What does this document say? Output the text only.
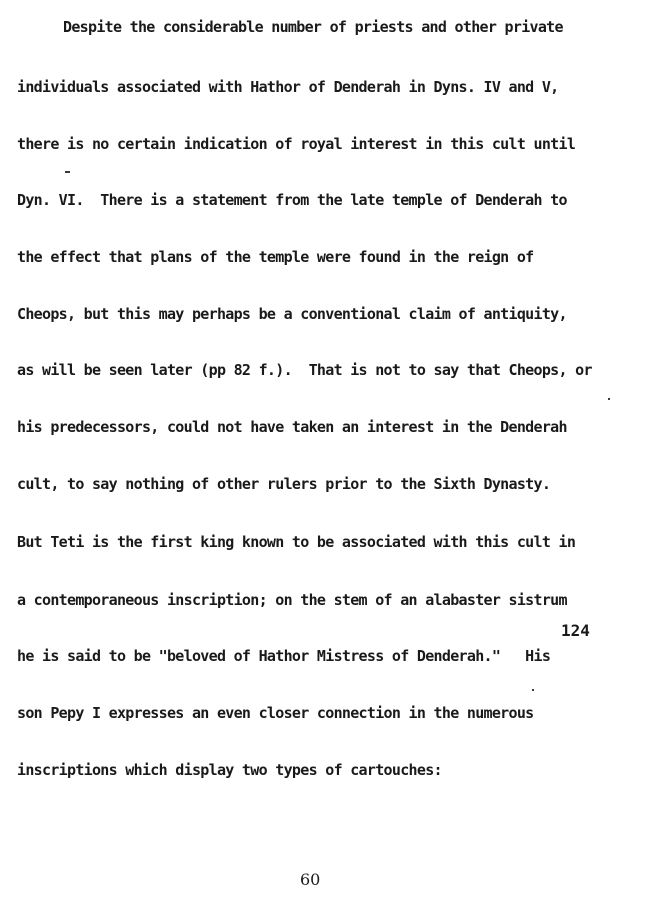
Despite the considerable number of priests and other private
individuals associated with Hathor of Denderah in Dyns. IV and V,
there is no certain indication of royal interest in this cult until
Dyn. VI.  There is a statement from the late temple of Denderah to
the effect that plans of the temple were found in the reign of
Cheops, but this may perhaps be a conventional claim of antiquity,
as will be seen later (pp 82 f.).  That is not to say that Cheops, or
his predecessors, could not have taken an interest in the Denderah
cult, to say nothing of other rulers prior to the Sixth Dynasty.
But Teti is the first king known to be associated with this cult in
a contemporaneous inscription; on the stem of an alabaster sistrum
124
he is said to be "beloved of Hathor Mistress of Denderah."   His
son Pepy I expresses an even closer connection in the numerous
inscriptions which display two types of cartouches:
60
